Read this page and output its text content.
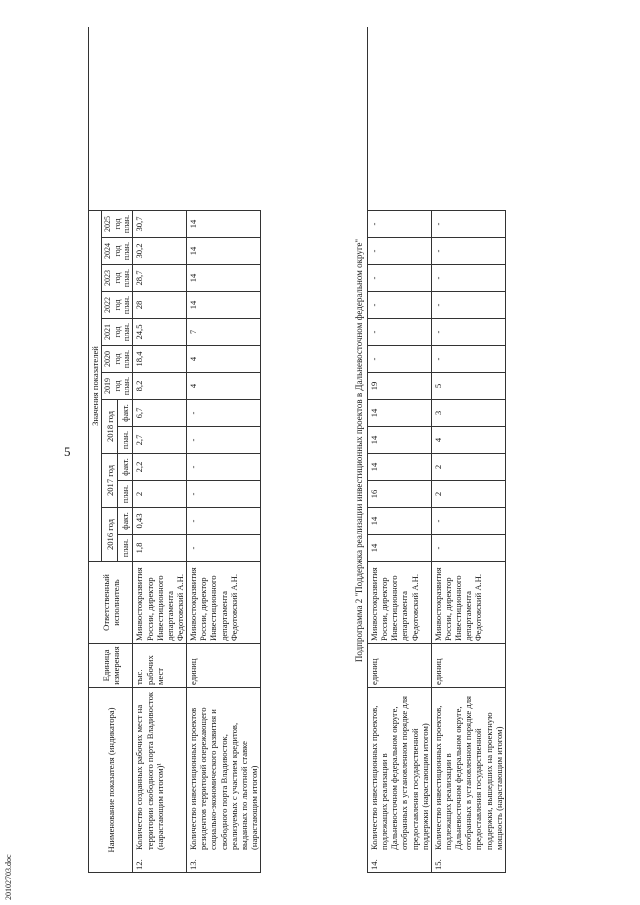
5
20102703.doc
Наименование показателя (индикатора)
Единица измерения
Ответственный исполнитель
Значения показателей
2016 год
2017 год
2018 год
2019 год план.
2020 год план.
2021 год план.
2022 год план.
2023 год план.
2024 год план.
2025 год план.
план.
факт.
план.
факт.
план.
факт.
12.
Количество созданных рабочих мест на территории свободного порта Владивосток (нарастающим итогом)¹
тыс. рабочих мест
Минвостокразвития России, директор Инвестиционного департамента Федотовский А.Н.
1,8
0,43
2
2,2
2,7
6,7
8,2
18,4
24,5
28
28,7
30,2
30,7
13.
Количество инвестиционных проектов резидентов территорий опережающего социально-экономического развития и свободного порта Владивосток, реализуемых с участием кредитов, выданных по льготной ставке (нарастающим итогом)
единиц
Минвостокразвития России, директор Инвестиционного департамента Федотовский А.Н.
-
-
-
-
-
-
4
4
7
14
14
14
14
Подпрограмма 2 "Поддержка реализации инвестиционных проектов в Дальневосточном федеральном округе"
14.
Количество инвестиционных проектов, подлежащих реализации в Дальневосточном федеральном округе, отобранных в установленном порядке для предоставления государственной поддержки (нарастающим итогом)
единиц
Минвостокразвития России, директор Инвестиционного департамента Федотовский А.Н.
14
14
16
14
14
14
19
-
-
-
-
-
-
15.
Количество инвестиционных проектов, подлежащих реализации в Дальневосточном федеральном округе, отобранных в установленном порядке для предоставления государственной поддержки, вышедших на проектную мощность (нарастающим итогом)
единиц
Минвостокразвития России, директор Инвестиционного департамента Федотовский А.Н.
-
-
2
2
4
3
5
-
-
-
-
-
-
